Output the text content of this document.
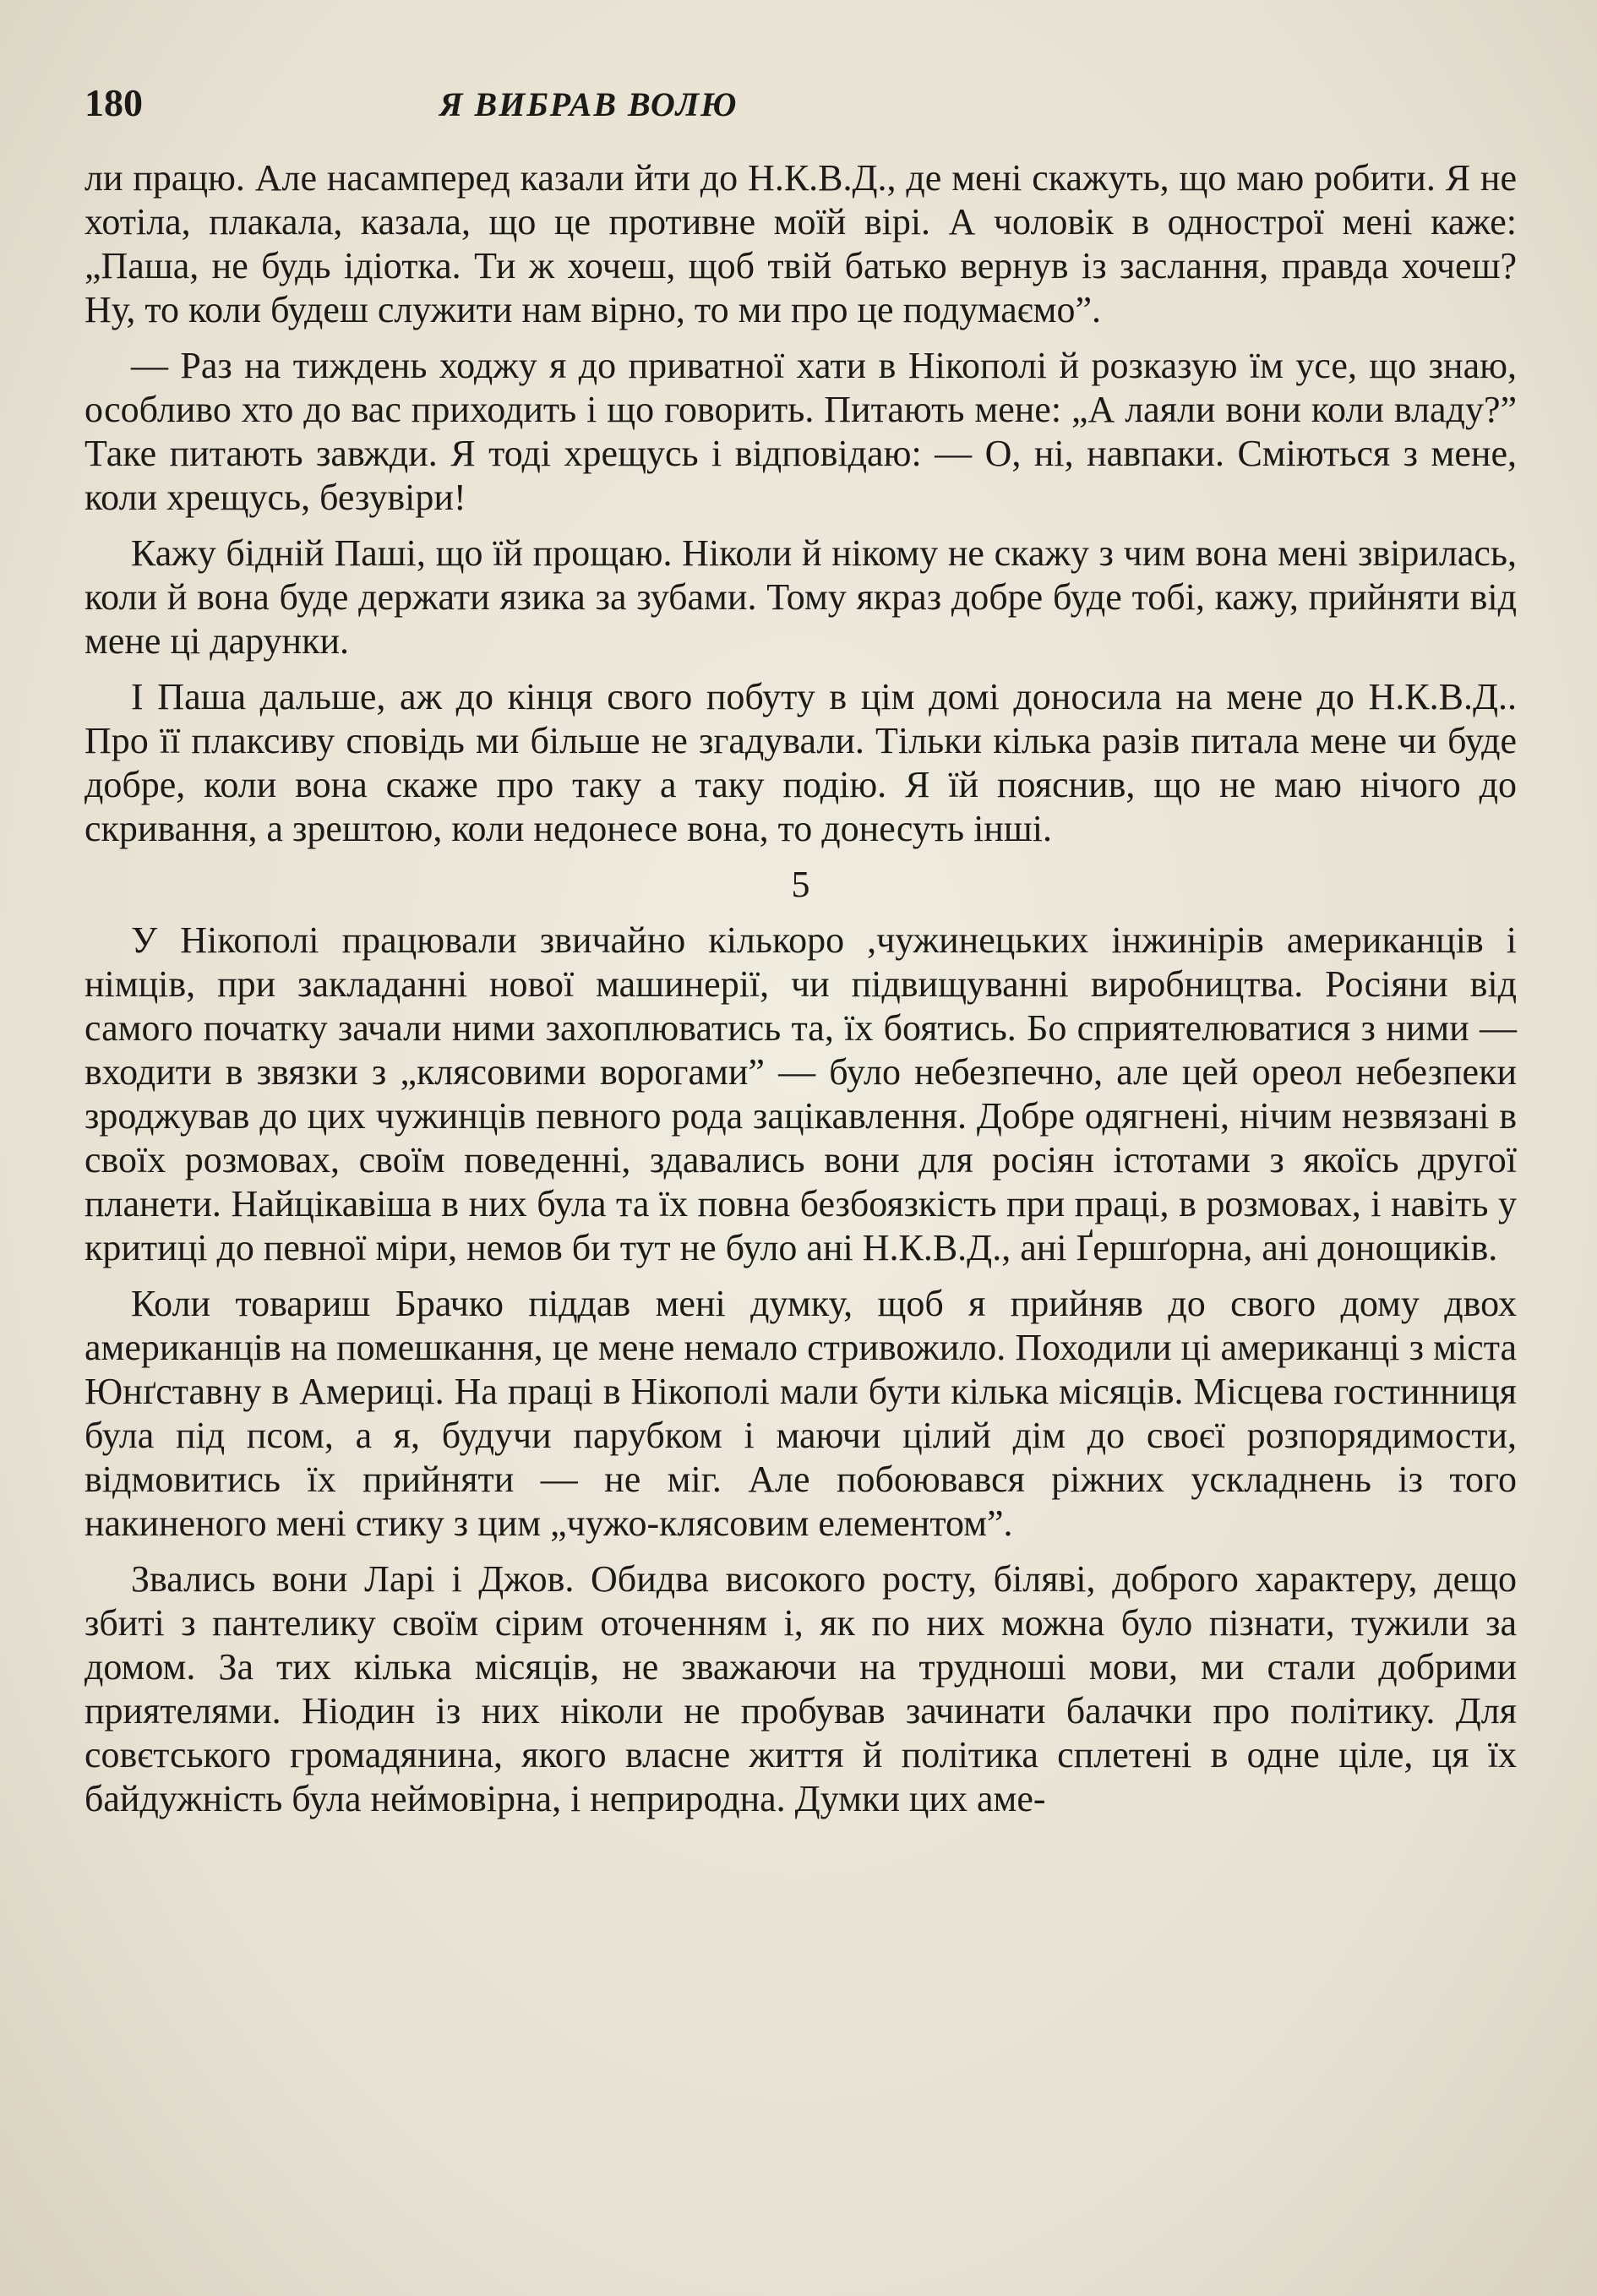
180	Я ВИБРАВ ВОЛЮ

ли працю. Але насамперед казали йти до Н.К.В.Д., де мені скажуть, що маю робити. Я не хотіла, плакала, казала, що це противне моїй вірі. А чоловік в однострої мені каже: „Паша, не будь ідіотка. Ти ж хочеш, щоб твій батько вернув із заслання, правда хочеш? Ну, то коли будеш служити нам вірно, то ми про це подумаємо”.

— Раз на тиждень ходжу я до приватної хати в Нікополі й розказую їм усе, що знаю, особливо хто до вас приходить і що говорить. Питають мене: „А лаяли вони коли владу?” Таке питають завжди. Я тоді хрещусь і відповідаю: — О, ні, навпаки. Сміються з мене, коли хрещусь, безувіри!

Кажу бідній Паші, що їй прощаю. Ніколи й нікому не скажу з чим вона мені звірилась, коли й вона буде держати язика за зубами. Тому якраз добре буде тобі, кажу, прийняти від мене ці дарунки.

І Паша дальше, аж до кінця свого побуту в цім домі доносила на мене до Н.К.В.Д.. Про її плаксиву сповідь ми більше не згадували. Тільки кілька разів питала мене чи буде добре, коли вона скаже про таку а таку подію. Я їй пояснив, що не маю нічого до скривання, а зрештою, коли недонесе вона, то донесуть інші.

5

У Нікополі працювали звичайно кількоро ,чужинецьких інжинірів американців і німців, при закладанні нової машинерії, чи підвищуванні виробництва. Росіяни від самого початку зачали ними захоплюватись та, їх боятись. Бо сприятелюватися з ними — входити в звязки з „клясовими ворогами” — було небезпечно, але цей ореол небезпеки зроджував до цих чужинців певного рода зацікавлення. Добре одягнені, нічим незвязані в своїх розмовах, своїм поведенні, здавались вони для росіян істотами з якоїсь другої планети. Найцікавіша в них була та їх повна безбоязкість при праці, в розмовах, і навіть у критиці до певної міри, немов би тут не було ані Н.К.В.Д., ані Ґершґорна, ані донощиків.

Коли товариш Брачко піддав мені думку, щоб я прийняв до свого дому двох американців на помешкання, це мене немало стривожило. Походили ці американці з міста Юнґставну в Америці. На праці в Нікополі мали бути кілька місяців. Місцева гостинниця була під псом, а я, будучи парубком і маючи цілий дім до своєї розпорядимости, відмовитись їх прийняти — не міг. Але побоювався ріжних ускладнень із того накиненого мені стику з цим „чужо-клясовим елементом”.

Звались вони Ларі і Джов. Обидва високого росту, біляві, доброго характеру, дещо збиті з пантелику своїм сірим оточенням і, як по них можна було пізнати, тужили за домом. За тих кілька місяців, не зважаючи на трудноші мови, ми стали добрими приятелями. Ніодин із них ніколи не пробував зачинати балачки про політику. Для совєтського громадянина, якого власне життя й політика сплетені в одне ціле, ця їх байдужність була неймовірна, і неприродна. Думки цих аме-
